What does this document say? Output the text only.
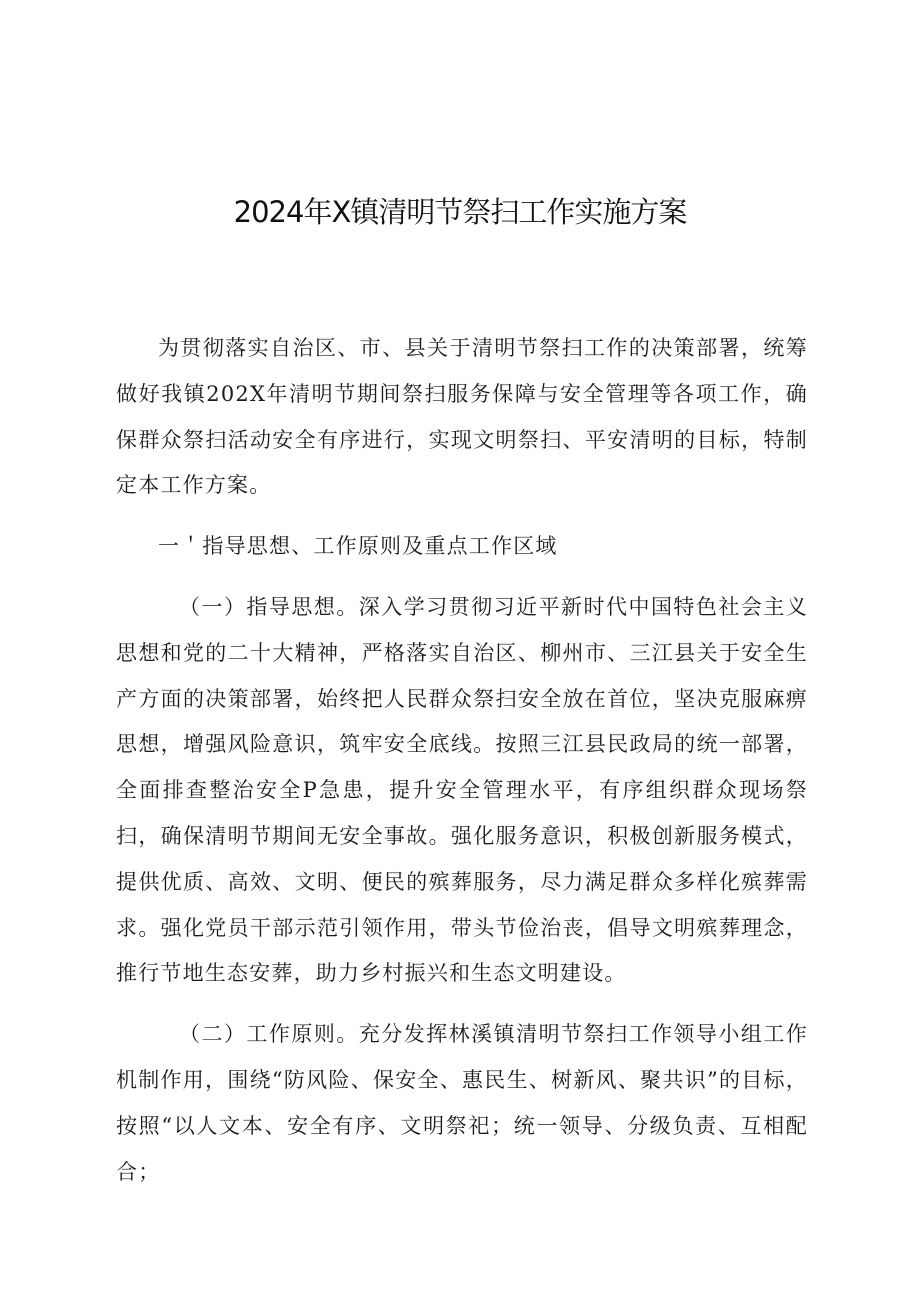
2024年X镇清明节祭扫工作实施方案

为贯彻落实自治区、市、县关于清明节祭扫工作的决策部署，统筹做好我镇202X年清明节期间祭扫服务保障与安全管理等各项工作，确保群众祭扫活动安全有序进行，实现文明祭扫、平安清明的目标，特制定本工作方案。

一＇指导思想、工作原则及重点工作区域

（一）指导思想。深入学习贯彻习近平新时代中国特色社会主义思想和党的二十大精神，严格落实自治区、柳州市、三江县关于安全生产方面的决策部署，始终把人民群众祭扫安全放在首位，坚决克服麻痹思想，增强风险意识，筑牢安全底线。按照三江县民政局的统一部署，全面排查整治安全P急患，提升安全管理水平，有序组织群众现场祭扫，确保清明节期间无安全事故。强化服务意识，积极创新服务模式，提供优质、高效、文明、便民的殡葬服务，尽力满足群众多样化殡葬需求。强化党员干部示范引领作用，带头节俭治丧，倡导文明殡葬理念，推行节地生态安葬，助力乡村振兴和生态文明建设。

（二）工作原则。充分发挥林溪镇清明节祭扫工作领导小组工作机制作用，围绕“防风险、保安全、惠民生、树新风、聚共识”的目标，按照“以人文本、安全有序、文明祭祀；统一领导、分级负责、互相配合；
